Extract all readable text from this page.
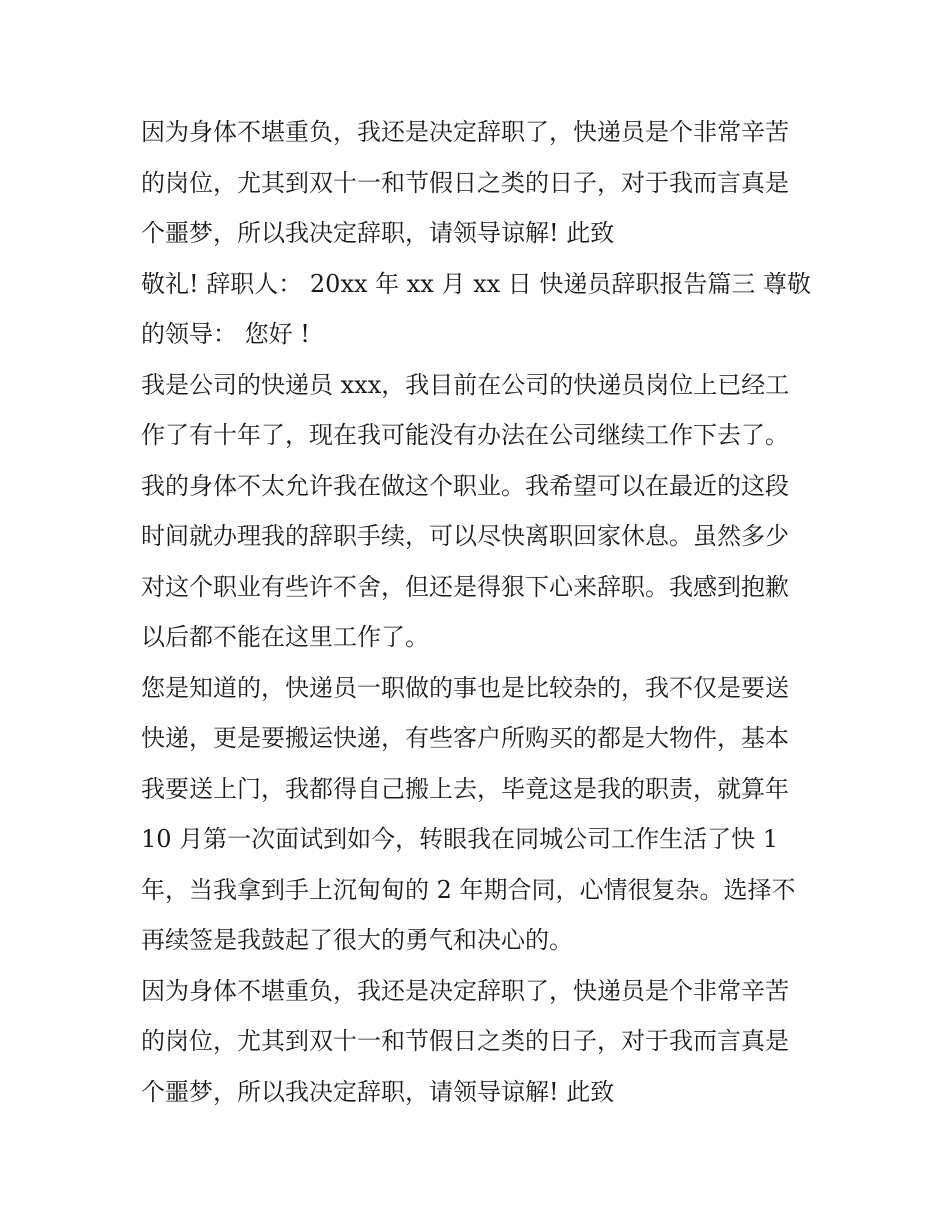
因为身体不堪重负，我还是决定辞职了，快递员是个非常辛苦
的岗位，尤其到双十一和节假日之类的日子，对于我而言真是
个噩梦，所以我决定辞职，请领导谅解! 此致
敬礼! 辞职人： 20xx 年 xx 月 xx 日 快递员辞职报告篇三 尊敬
的领导： 您好 !
我是公司的快递员 xxx，我目前在公司的快递员岗位上已经工
作了有十年了，现在我可能没有办法在公司继续工作下去了。
我的身体不太允许我在做这个职业。我希望可以在最近的这段
时间就办理我的辞职手续，可以尽快离职回家休息。虽然多少
对这个职业有些许不舍，但还是得狠下心来辞职。我感到抱歉
以后都不能在这里工作了。
您是知道的，快递员一职做的事也是比较杂的，我不仅是要送
快递，更是要搬运快递，有些客户所购买的都是大物件，基本
我要送上门，我都得自己搬上去，毕竟这是我的职责，就算年
10 月第一次面试到如今，转眼我在同城公司工作生活了快 1
年，当我拿到手上沉甸甸的 2 年期合同，心情很复杂。选择不
再续签是我鼓起了很大的勇气和决心的。
因为身体不堪重负，我还是决定辞职了，快递员是个非常辛苦
的岗位，尤其到双十一和节假日之类的日子，对于我而言真是
个噩梦，所以我决定辞职，请领导谅解! 此致
